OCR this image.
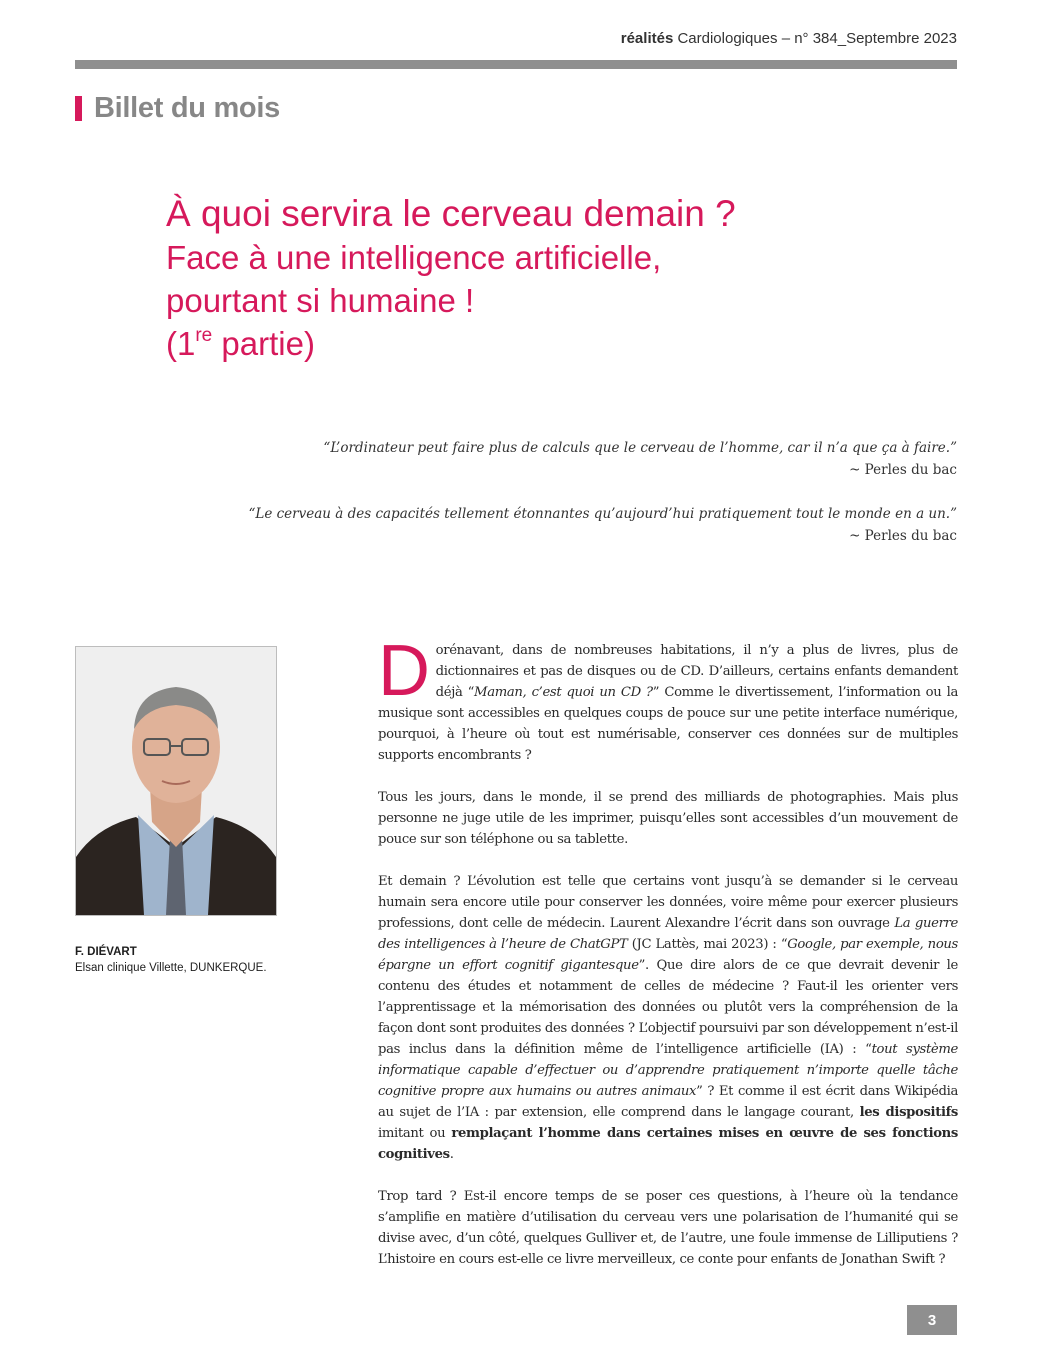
réalités Cardiologiques – n° 384_Septembre 2023
Billet du mois
À quoi servira le cerveau demain ?
Face à une intelligence artificielle,
pourtant si humaine !
(1re partie)
“L’ordinateur peut faire plus de calculs que le cerveau de l’homme, car il n’a que ça à faire.”
~ Perles du bac
“Le cerveau à des capacités tellement étonnantes qu’aujourd’hui pratiquement tout le monde en a un.”
~ Perles du bac
F. DIÉVART
Elsan clinique Villette, DUNKERQUE.

Dorénavant, dans de nombreuses habitations, il n’y a plus de livres, plus de dictionnaires et pas de disques ou de CD. D’ailleurs, certains enfants demandent déjà “Maman, c’est quoi un CD ?” Comme le divertissement, l’information ou la musique sont accessibles en quelques coups de pouce sur une petite interface numérique, pourquoi, à l’heure où tout est numérisable, conserver ces données sur de multiples supports encombrants ?

Tous les jours, dans le monde, il se prend des milliards de photographies. Mais plus personne ne juge utile de les imprimer, puisqu’elles sont accessibles d’un mouvement de pouce sur son téléphone ou sa tablette.

Et demain ? L’évolution est telle que certains vont jusqu’à se demander si le cerveau humain sera encore utile pour conserver les données, voire même pour exercer plusieurs professions, dont celle de médecin. Laurent Alexandre l’écrit dans son ouvrage La guerre des intelligences à l’heure de ChatGPT (JC Lattès, mai 2023) : “Google, par exemple, nous épargne un effort cognitif gigantesque”. Que dire alors de ce que devrait devenir le contenu des études et notamment de celles de médecine ? Faut-il les orienter vers l’apprentissage et la mémorisation des données ou plutôt vers la compréhension de la façon dont sont produites des données ? L’objectif poursuivi par son développement n’est-il pas inclus dans la définition même de l’intelligence artificielle (IA) : “tout système informatique capable d’effectuer ou d’apprendre pratiquement n’importe quelle tâche cognitive propre aux humains ou autres animaux” ? Et comme il est écrit dans Wikipédia au sujet de l’IA : par extension, elle comprend dans le langage courant, les dispositifs imitant ou remplaçant l’homme dans certaines mises en œuvre de ses fonctions cognitives.

Trop tard ? Est-il encore temps de se poser ces questions, à l’heure où la tendance s’amplifie en matière d’utilisation du cerveau vers une polarisation de l’humanité qui se divise avec, d’un côté, quelques Gulliver et, de l’autre, une foule immense de Lilliputiens ? L’histoire en cours est-elle ce livre merveilleux, ce conte pour enfants de Jonathan Swift ?

3
